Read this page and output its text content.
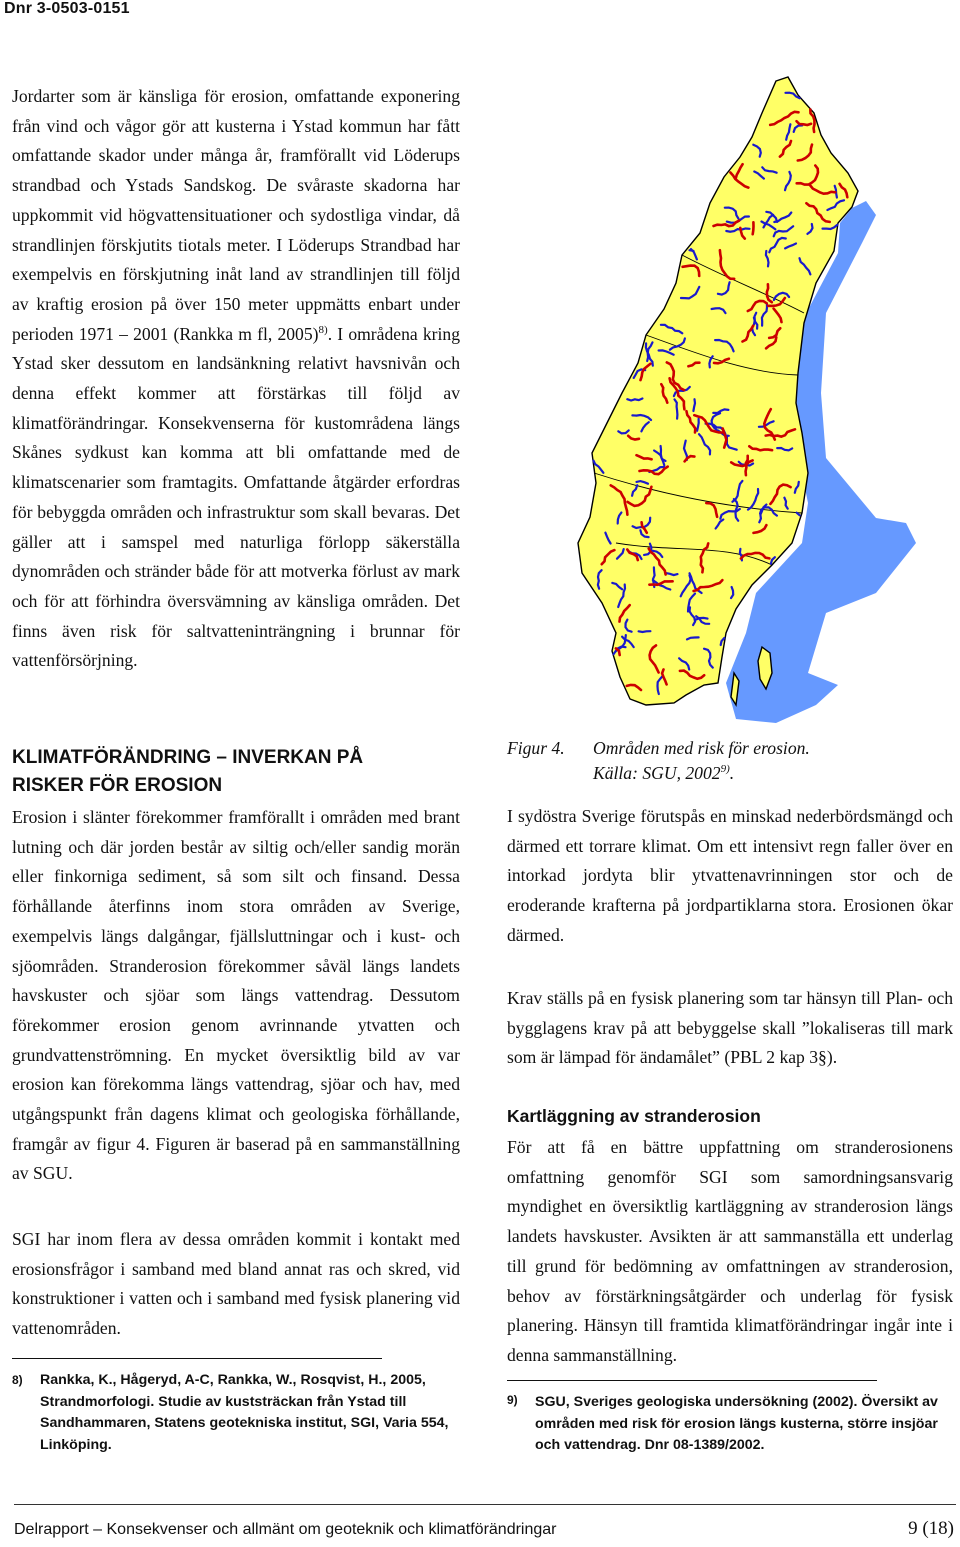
Dnr 3-0503-0151

Jordarter som är känsliga för erosion, omfattande exponering från vind och vågor gör att kusterna i Ystad kommun har fått omfattande skador under många år, framförallt vid Löderups strandbad och Ystads Sandskog. De svåraste skadorna har uppkommit vid högvattensituationer och sydostliga vindar, då strandlinjen förskjutits tiotals meter. I Löderups Strandbad har exempelvis en förskjutning inåt land av strandlinjen till följd av kraftig erosion på över 150 meter uppmätts enbart under perioden 1971 – 2001 (Rankka m fl, 2005)$^{8)}$. I områdena kring Ystad sker dessutom en landsänkning relativt havsnivån och denna effekt kommer att förstärkas till följd av klimatförändringar. Konsekvenserna för kustområdena längs Skånes sydkust kan komma att bli omfattande med de klimatscenarier som framtagits. Omfattande åtgärder erfordras för bebyggda områden och infrastruktur som skall bevaras. Det gäller att i samspel med naturliga förlopp säkerställa dynområden och stränder både för att motverka förlust av mark och för att förhindra översvämning av känsliga områden. Det finns även risk för saltvatteninträngning i brunnar för vattenförsörjning.

KLIMATFÖRÄNDRING – INVERKAN PÅ RISKER FÖR EROSION

Erosion i slänter förekommer framförallt i områden med brant lutning och där jorden består av siltig och/eller sandig morän eller finkorniga sediment, så som silt och finsand. Dessa förhållande återfinns inom stora områden av Sverige, exempelvis längs dalgångar, fjällsluttningar och i kust- och sjöområden. Stranderosion förekommer såväl längs landets havskuster och sjöar som längs vattendrag. Dessutom förekommer erosion genom avrinnande ytvatten och grundvattenströmning. En mycket översiktlig bild av var erosion kan förekomma längs vattendrag, sjöar och hav, med utgångspunkt från dagens klimat och geologiska förhållande, framgår av figur 4. Figuren är baserad på en sammanställning av SGU.

SGI har inom flera av dessa områden kommit i kontakt med erosionsfrågor i samband med bland annat ras och skred, vid konstruktioner i vatten och i samband med fysisk planering vid vattenområden.

8) Rankka, K., Hågeryd, A-C, Rankka, W., Rosqvist, H., 2005, Strandmorfologi. Studie av kuststräckan från Ystad till Sandhammaren, Statens geotekniska institut, SGI, Varia 554, Linköping.

Figur 4. Områden med risk för erosion.
Källa: SGU, 2002$^{9)}$.

I sydöstra Sverige förutspås en minskad nederbördsmängd och därmed ett torrare klimat. Om ett intensivt regn faller över en intorkad jordyta blir ytvattenavrinningen stor och de eroderande krafterna på jordpartiklarna stora. Erosionen ökar därmed.

Krav ställs på en fysisk planering som tar hänsyn till Plan- och bygglagens krav på att bebyggelse skall ”lokaliseras till mark som är lämpad för ändamålet” (PBL 2 kap 3§).

Kartläggning av stranderosion

För att få en bättre uppfattning om stranderosionens omfattning genomför SGI som samordningsansvarig myndighet en översiktlig kartläggning av stranderosion längs landets havskuster. Avsikten är att sammanställa ett underlag till grund för bedömning av omfattningen av stranderosion, behov av förstärkningsåtgärder och underlag för fysisk planering. Hänsyn till framtida klimatförändringar ingår inte i denna sammanställning.

9) SGU, Sveriges geologiska undersökning (2002). Översikt av områden med risk för erosion längs kusterna, större insjöar och vattendrag. Dnr 08-1389/2002.

Delrapport – Konsekvenser och allmänt om geoteknik och klimatförändringar	9 (18)
